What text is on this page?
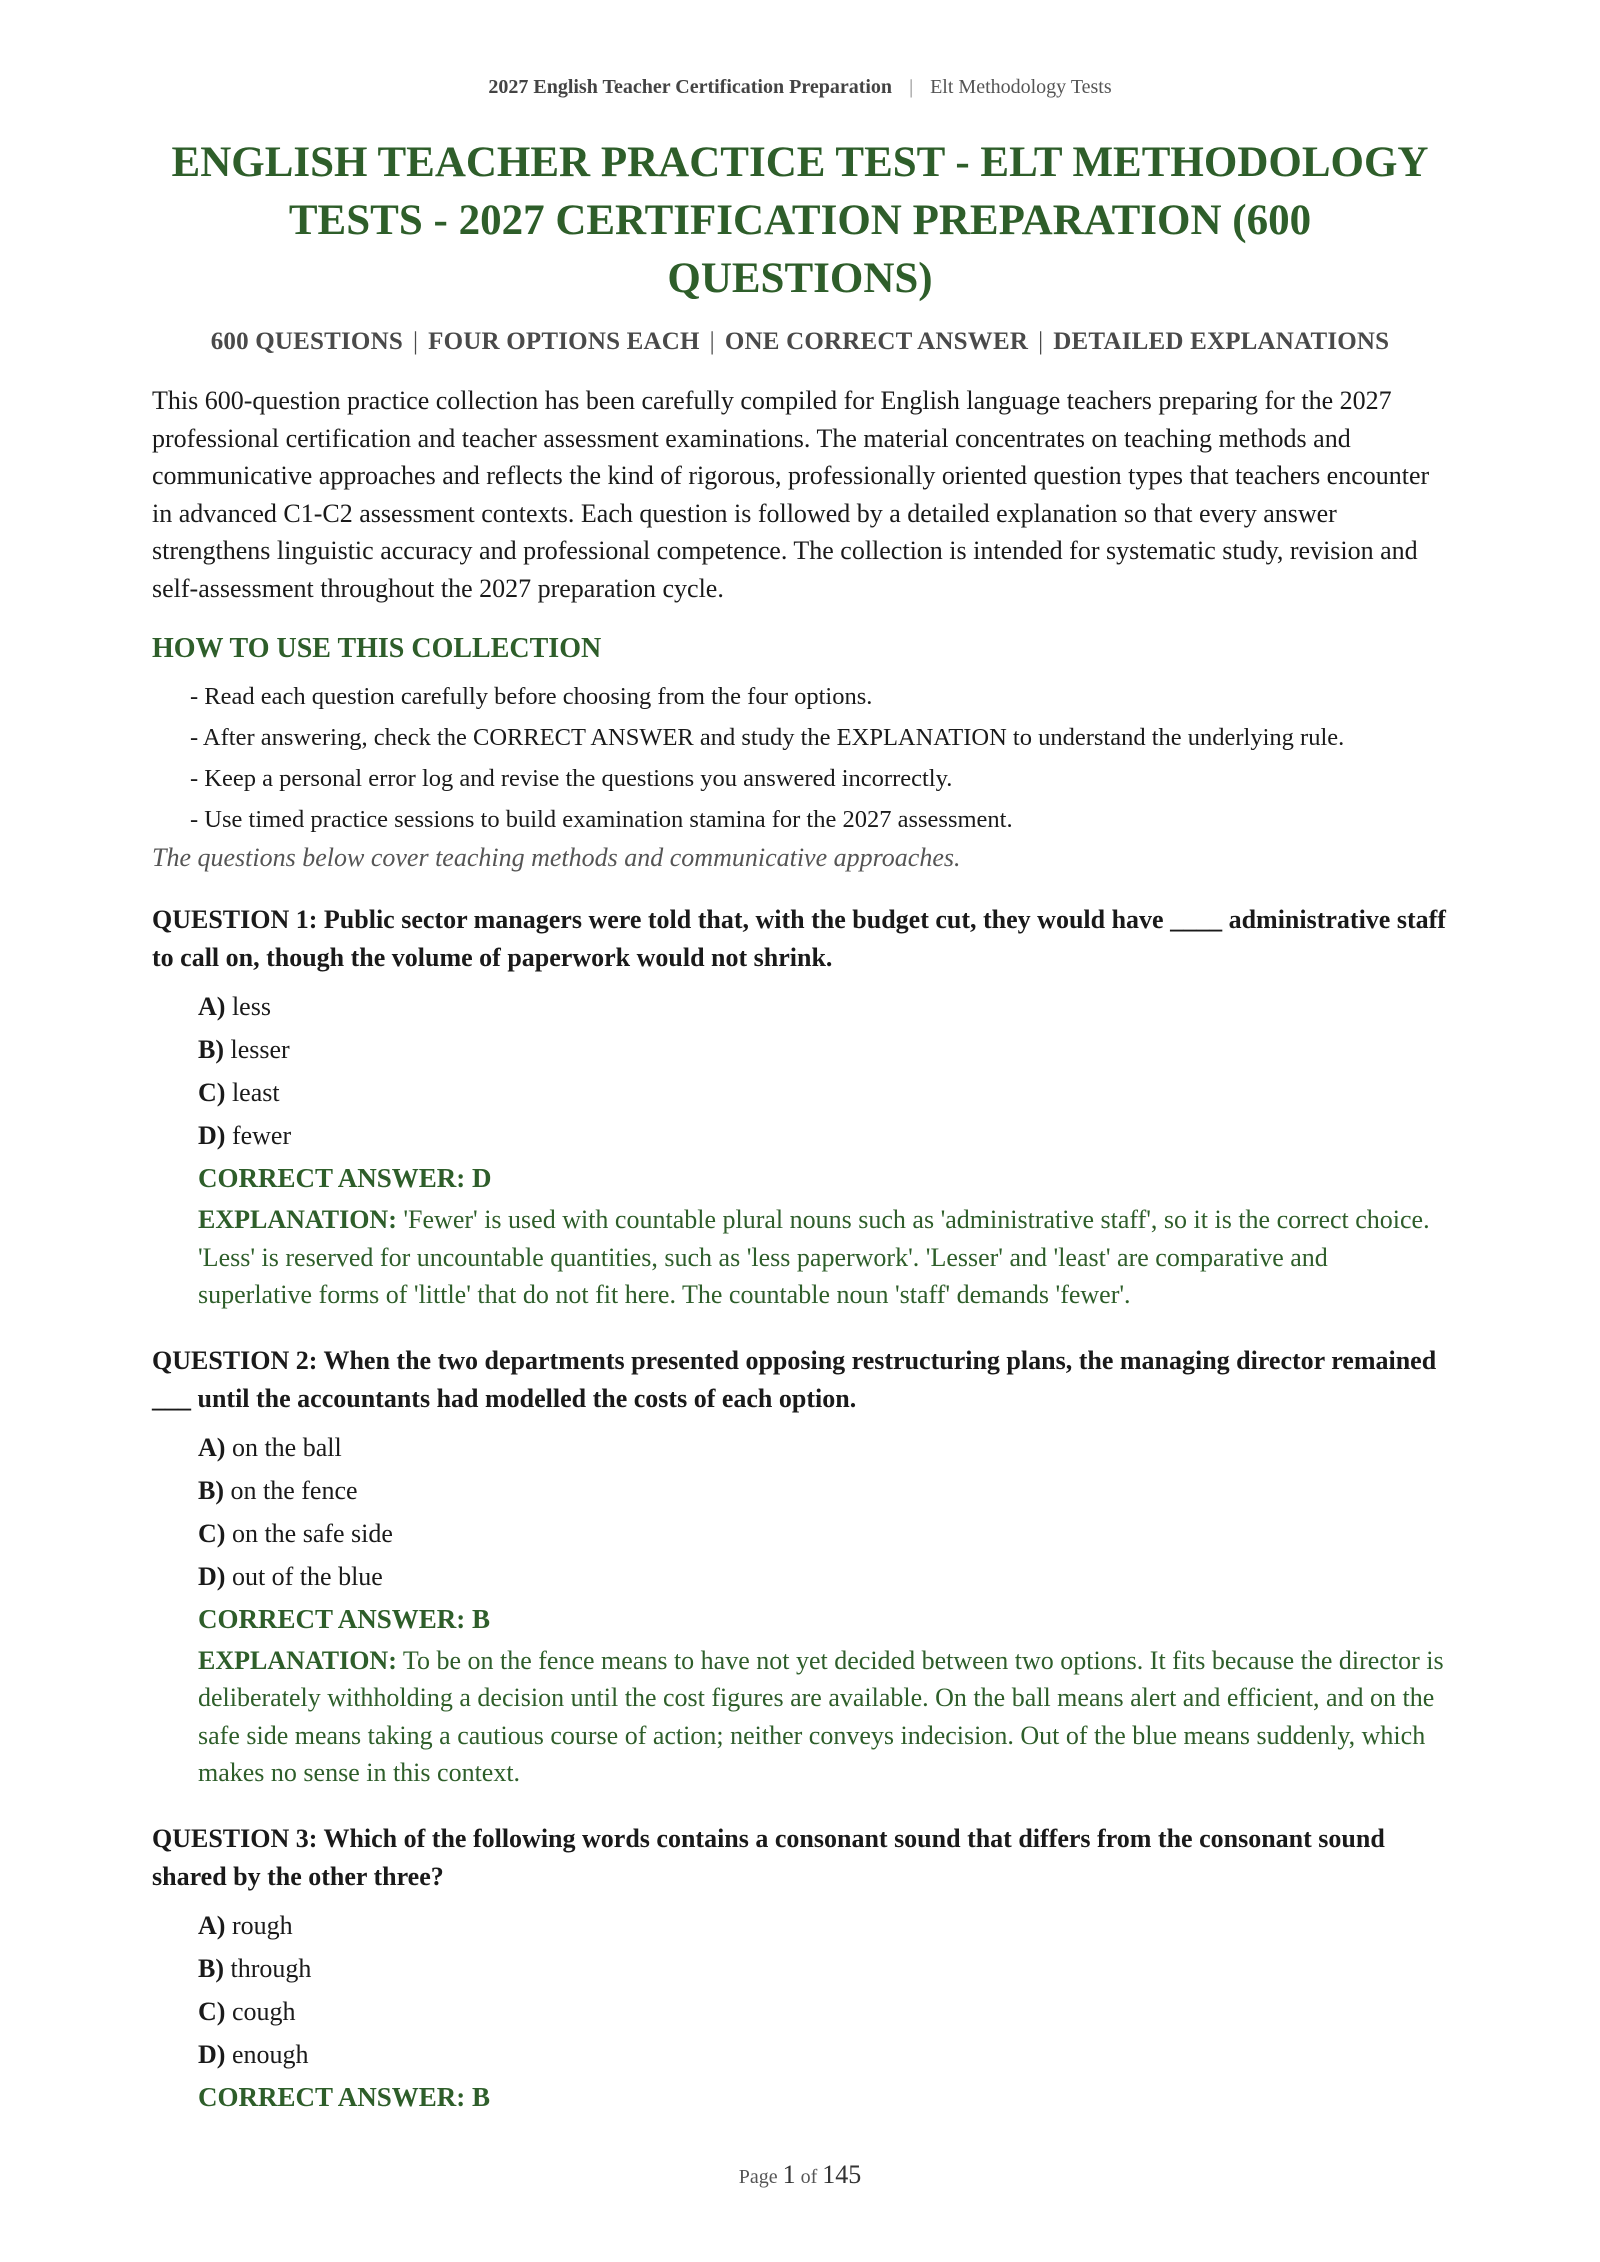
2027 English Teacher Certification Preparation | Elt Methodology Tests
ENGLISH TEACHER PRACTICE TEST - ELT METHODOLOGY TESTS - 2027 CERTIFICATION PREPARATION (600 QUESTIONS)
600 QUESTIONS | FOUR OPTIONS EACH | ONE CORRECT ANSWER | DETAILED EXPLANATIONS
This 600-question practice collection has been carefully compiled for English language teachers preparing for the 2027 professional certification and teacher assessment examinations. The material concentrates on teaching methods and communicative approaches and reflects the kind of rigorous, professionally oriented question types that teachers encounter in advanced C1-C2 assessment contexts. Each question is followed by a detailed explanation so that every answer strengthens linguistic accuracy and professional competence. The collection is intended for systematic study, revision and self-assessment throughout the 2027 preparation cycle.
HOW TO USE THIS COLLECTION
- Read each question carefully before choosing from the four options.
- After answering, check the CORRECT ANSWER and study the EXPLANATION to understand the underlying rule.
- Keep a personal error log and revise the questions you answered incorrectly.
- Use timed practice sessions to build examination stamina for the 2027 assessment.
The questions below cover teaching methods and communicative approaches.
QUESTION 1: Public sector managers were told that, with the budget cut, they would have ____ administrative staff to call on, though the volume of paperwork would not shrink.
A) less
B) lesser
C) least
D) fewer
CORRECT ANSWER: D
EXPLANATION: 'Fewer' is used with countable plural nouns such as 'administrative staff', so it is the correct choice. 'Less' is reserved for uncountable quantities, such as 'less paperwork'. 'Lesser' and 'least' are comparative and superlative forms of 'little' that do not fit here. The countable noun 'staff' demands 'fewer'.
QUESTION 2: When the two departments presented opposing restructuring plans, the managing director remained ___ until the accountants had modelled the costs of each option.
A) on the ball
B) on the fence
C) on the safe side
D) out of the blue
CORRECT ANSWER: B
EXPLANATION: To be on the fence means to have not yet decided between two options. It fits because the director is deliberately withholding a decision until the cost figures are available. On the ball means alert and efficient, and on the safe side means taking a cautious course of action; neither conveys indecision. Out of the blue means suddenly, which makes no sense in this context.
QUESTION 3: Which of the following words contains a consonant sound that differs from the consonant sound shared by the other three?
A) rough
B) through
C) cough
D) enough
CORRECT ANSWER: B
Page 1 of 145
